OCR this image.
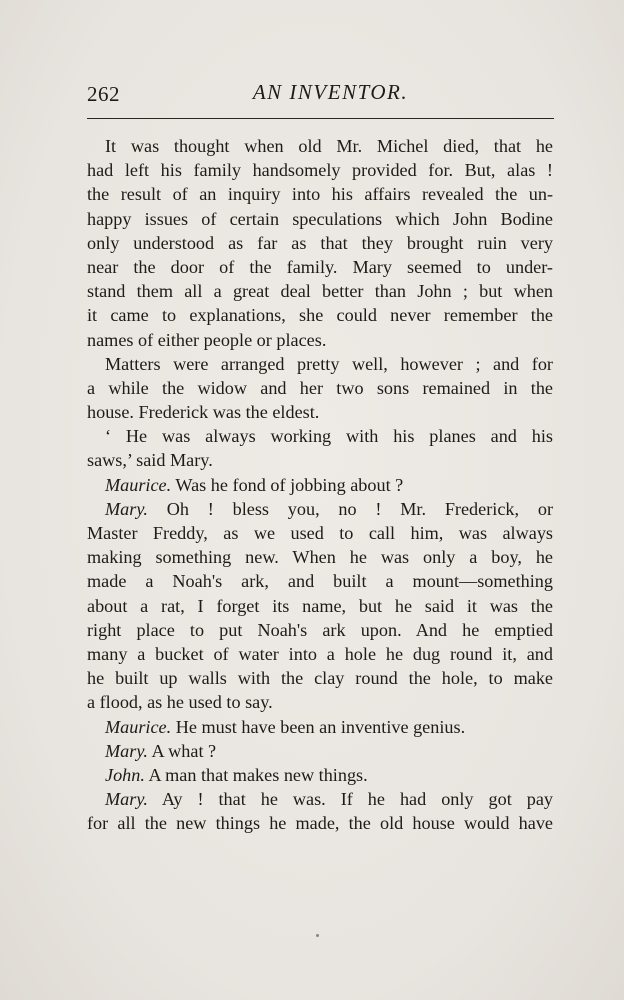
262	AN INVENTOR.
It was thought when old Mr. Michel died, that he
had left his family handsomely provided for. But, alas !
the result of an inquiry into his affairs revealed the un-
happy issues of certain speculations which John Bodine
only understood as far as that they brought ruin very
near the door of the family. Mary seemed to under-
stand them all a great deal better than John ; but when
it came to explanations, she could never remember the
names of either people or places.
Matters were arranged pretty well, however ; and for
a while the widow and her two sons remained in the
house. Frederick was the eldest.
‘ He was always working with his planes and his
saws,’ said Mary.
Maurice. Was he fond of jobbing about ?
Mary. Oh ! bless you, no ! Mr. Frederick, or
Master Freddy, as we used to call him, was always
making something new. When he was only a boy, he
made a Noah's ark, and built a mount—something
about a rat, I forget its name, but he said it was the
right place to put Noah's ark upon. And he emptied
many a bucket of water into a hole he dug round it, and
he built up walls with the clay round the hole, to make
a flood, as he used to say.
Maurice. He must have been an inventive genius.
Mary. A what ?
John. A man that makes new things.
Mary. Ay ! that he was. If he had only got pay
for all the new things he made, the old house would have
